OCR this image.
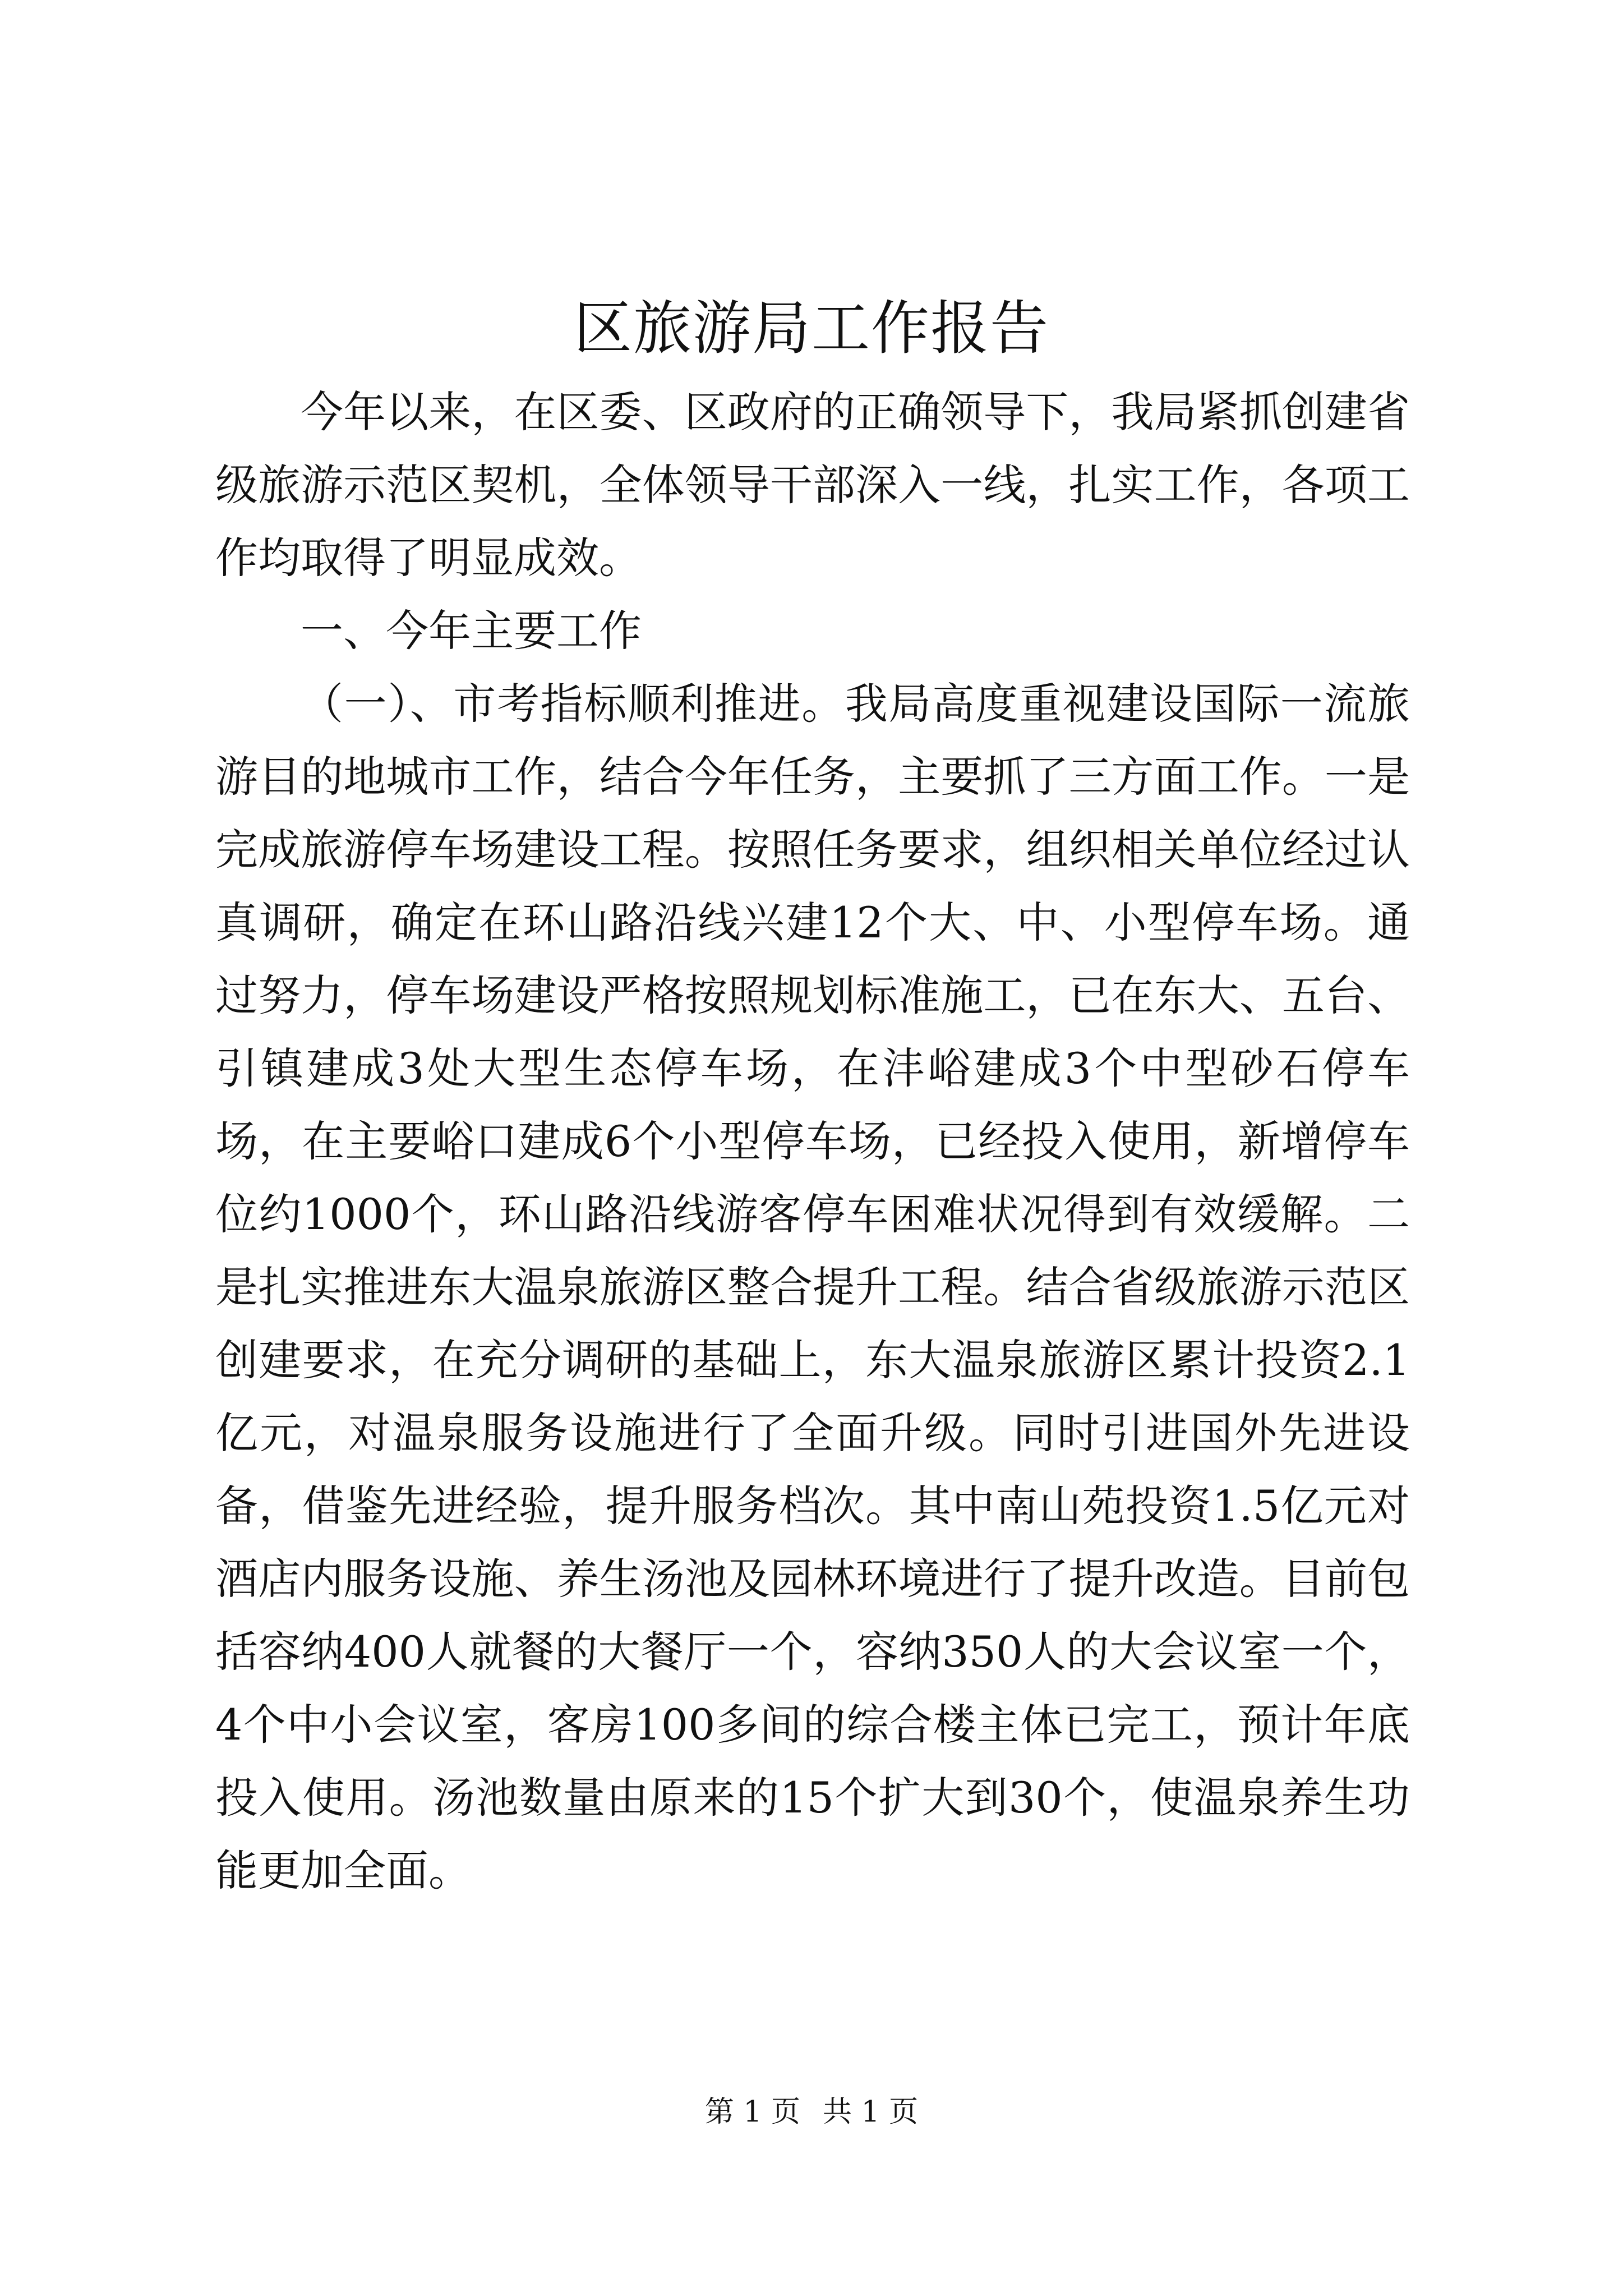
区旅游局工作报告

今年以来，在区委、区政府的正确领导下，我局紧抓创建省级旅游示范区契机，全体领导干部深入一线，扎实工作，各项工作均取得了明显成效。

一、今年主要工作

（一）、市考指标顺利推进。我局高度重视建设国际一流旅游目的地城市工作，结合今年任务，主要抓了三方面工作。一是完成旅游停车场建设工程。按照任务要求，组织相关单位经过认真调研，确定在环山路沿线兴建12个大、中、小型停车场。通过努力，停车场建设严格按照规划标准施工，已在东大、五台、引镇建成3处大型生态停车场，在沣峪建成3个中型砂石停车场，在主要峪口建成6个小型停车场，已经投入使用，新增停车位约1000个，环山路沿线游客停车困难状况得到有效缓解。二是扎实推进东大温泉旅游区整合提升工程。结合省级旅游示范区创建要求，在充分调研的基础上，东大温泉旅游区累计投资2.1亿元，对温泉服务设施进行了全面升级。同时引进国外先进设备，借鉴先进经验，提升服务档次。其中南山苑投资1.5亿元对酒店内服务设施、养生汤池及园林环境进行了提升改造。目前包括容纳400人就餐的大餐厅一个，容纳350人的大会议室一个，4个中小会议室，客房100多间的综合楼主体已完工，预计年底投入使用。汤池数量由原来的15个扩大到30个，使温泉养生功能更加全面。

第 1 页 共 1 页
